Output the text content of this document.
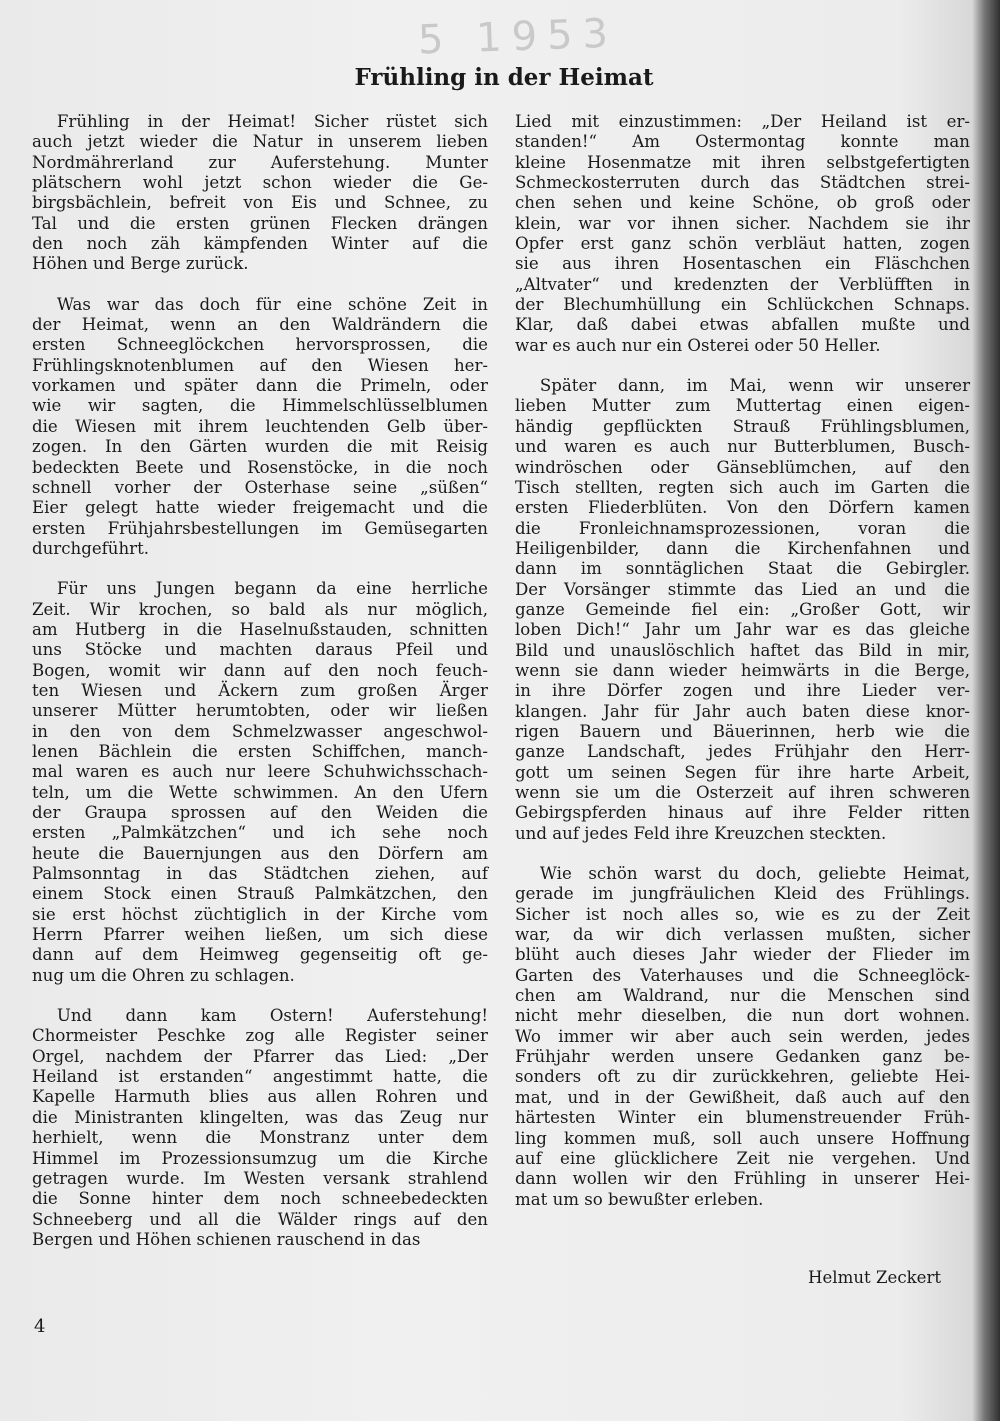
5 1953
Frühling in der Heimat
  Frühling in der Heimat! Sicher rüstet sich
auch jetzt wieder die Natur in unserem lieben
Nordmährerland zur Auferstehung. Munter
plätschern wohl jetzt schon wieder die Ge-
birgsbächlein, befreit von Eis und Schnee, zu
Tal und die ersten grünen Flecken drängen
den noch zäh kämpfenden Winter auf die
Höhen und Berge zurück.
  Was war das doch für eine schöne Zeit in
der Heimat, wenn an den Waldrändern die
ersten Schneeglöckchen hervorsprossen, die
Frühlingsknotenblumen auf den Wiesen her-
vorkamen und später dann die Primeln, oder
wie wir sagten, die Himmelschlüsselblumen
die Wiesen mit ihrem leuchtenden Gelb über-
zogen. In den Gärten wurden die mit Reisig
bedeckten Beete und Rosenstöcke, in die noch
schnell vorher der Osterhase seine „süßen“
Eier gelegt hatte wieder freigemacht und die
ersten Frühjahrsbestellungen im Gemüsegarten
durchgeführt.
  Für uns Jungen begann da eine herrliche
Zeit. Wir krochen, so bald als nur möglich,
am Hutberg in die Haselnußstauden, schnitten
uns Stöcke und machten daraus Pfeil und
Bogen, womit wir dann auf den noch feuch-
ten Wiesen und Äckern zum großen Ärger
unserer Mütter herumtobten, oder wir ließen
in den von dem Schmelzwasser angeschwol-
lenen Bächlein die ersten Schiffchen, manch-
mal waren es auch nur leere Schuhwichsschach-
teln, um die Wette schwimmen. An den Ufern
der Graupa sprossen auf den Weiden die
ersten „Palmkätzchen“ und ich sehe noch
heute die Bauernjungen aus den Dörfern am
Palmsonntag in das Städtchen ziehen, auf
einem Stock einen Strauß Palmkätzchen, den
sie erst höchst züchtiglich in der Kirche vom
Herrn Pfarrer weihen ließen, um sich diese
dann auf dem Heimweg gegenseitig oft ge-
nug um die Ohren zu schlagen.
  Und dann kam Ostern! Auferstehung!
Chormeister Peschke zog alle Register seiner
Orgel, nachdem der Pfarrer das Lied: „Der
Heiland ist erstanden“ angestimmt hatte, die
Kapelle Harmuth blies aus allen Rohren und
die Ministranten klingelten, was das Zeug nur
herhielt, wenn die Monstranz unter dem
Himmel im Prozessionsumzug um die Kirche
getragen wurde. Im Westen versank strahlend
die Sonne hinter dem noch schneebedeckten
Schneeberg und all die Wälder rings auf den
Bergen und Höhen schienen rauschend in das
Lied mit einzustimmen: „Der Heiland ist er-
standen!“ Am Ostermontag konnte man
kleine Hosenmatze mit ihren selbstgefertigten
Schmeckosterruten durch das Städtchen strei-
chen sehen und keine Schöne, ob groß oder
klein, war vor ihnen sicher. Nachdem sie ihr
Opfer erst ganz schön verbläut hatten, zogen
sie aus ihren Hosentaschen ein Fläschchen
„Altvater“ und kredenzten der Verblüfften in
der Blechumhüllung ein Schlückchen Schnaps.
Klar, daß dabei etwas abfallen mußte und
war es auch nur ein Osterei oder 50 Heller.
  Später dann, im Mai, wenn wir unserer
lieben Mutter zum Muttertag einen eigen-
händig gepflückten Strauß Frühlingsblumen,
und waren es auch nur Butterblumen, Busch-
windröschen oder Gänseblümchen, auf den
Tisch stellten, regten sich auch im Garten die
ersten Fliederblüten. Von den Dörfern kamen
die Fronleichnamsprozessionen, voran die
Heiligenbilder, dann die Kirchenfahnen und
dann im sonntäglichen Staat die Gebirgler.
Der Vorsänger stimmte das Lied an und die
ganze Gemeinde fiel ein: „Großer Gott, wir
loben Dich!“ Jahr um Jahr war es das gleiche
Bild und unauslöschlich haftet das Bild in mir,
wenn sie dann wieder heimwärts in die Berge,
in ihre Dörfer zogen und ihre Lieder ver-
klangen. Jahr für Jahr auch baten diese knor-
rigen Bauern und Bäuerinnen, herb wie die
ganze Landschaft, jedes Frühjahr den Herr-
gott um seinen Segen für ihre harte Arbeit,
wenn sie um die Osterzeit auf ihren schweren
Gebirgspferden hinaus auf ihre Felder ritten
und auf jedes Feld ihre Kreuzchen steckten.
  Wie schön warst du doch, geliebte Heimat,
gerade im jungfräulichen Kleid des Frühlings.
Sicher ist noch alles so, wie es zu der Zeit
war, da wir dich verlassen mußten, sicher
blüht auch dieses Jahr wieder der Flieder im
Garten des Vaterhauses und die Schneeglöck-
chen am Waldrand, nur die Menschen sind
nicht mehr dieselben, die nun dort wohnen.
Wo immer wir aber auch sein werden, jedes
Frühjahr werden unsere Gedanken ganz be-
sonders oft zu dir zurückkehren, geliebte Hei-
mat, und in der Gewißheit, daß auch auf den
härtesten Winter ein blumenstreuender Früh-
ling kommen muß, soll auch unsere Hoffnung
auf eine glücklichere Zeit nie vergehen. Und
dann wollen wir den Frühling in unserer Hei-
mat um so bewußter erleben.
Helmut Zeckert
4
